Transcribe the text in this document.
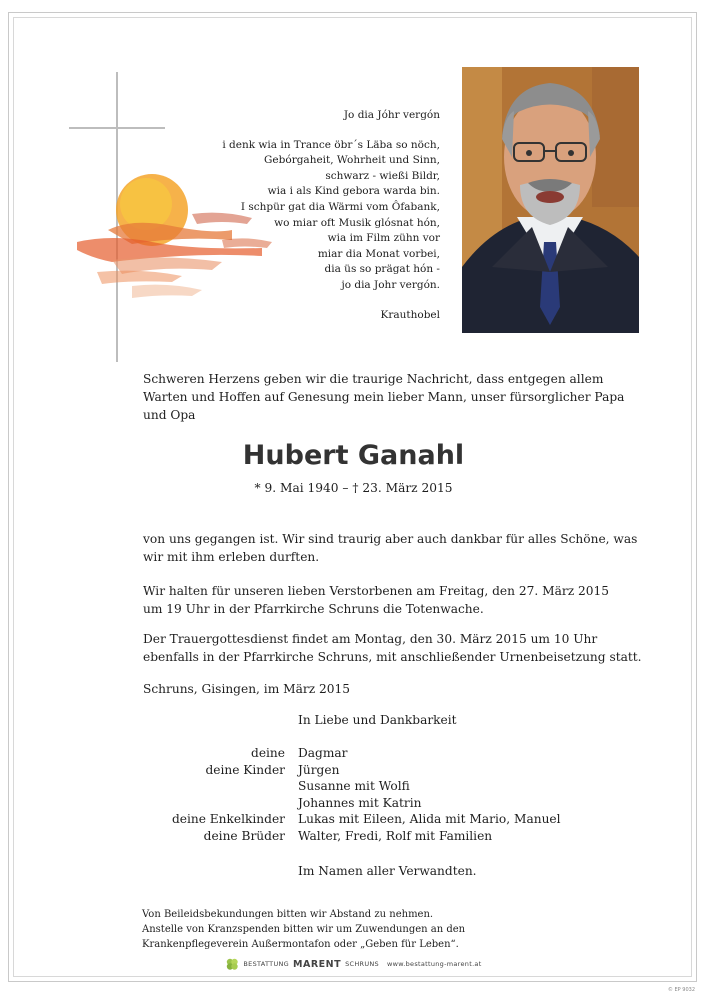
Jo dia Jóhr vergón
i denk wia in Trance öbr´s Läba so nöch,
Gebórgaheit, Wohrheit und Sinn,
schwarz - wießi Bildr,
wia i als Kind gebora warda bin.
I schpür gat dia Wärmi vom Ôfabank,
wo miar oft Musik glósnat hón,
wia im Film zühn vor
miar dia Monat vorbei,
dia üs so prägat hón -
jo dia Johr vergón.
Krauthobel
Schweren Herzens geben wir die traurige Nachricht, dass entgegen allem Warten und Hoffen auf Genesung mein lieber Mann, unser fürsorglicher Papa und Opa
Hubert Ganahl
* 9. Mai 1940 – † 23. März 2015
von uns gegangen ist. Wir sind traurig aber auch dankbar für alles Schöne, was wir mit ihm erleben durften.
Wir halten für unseren lieben Verstorbenen am Freitag, den 27. März 2015
um 19 Uhr in der Pfarrkirche Schruns die Totenwache.
Der Trauergottesdienst findet am Montag, den 30. März 2015 um 10 Uhr ebenfalls in der Pfarrkirche Schruns, mit anschließender Urnenbeisetzung statt.
Schruns, Gisingen, im März 2015
In Liebe und Dankbarkeit
deine	Dagmar
deine Kinder	Jürgen
Susanne mit Wolfi
Johannes mit Katrin
deine Enkelkinder	Lukas mit Eileen, Alida mit Mario, Manuel
deine Brüder	Walter, Fredi, Rolf mit Familien
Im Namen aller Verwandten.
Von Beileidsbekundungen bitten wir Abstand zu nehmen.
Anstelle von Kranzspenden bitten wir um Zuwendungen an den
Krankenpflegeverein Außermontafon oder „Geben für Leben“.
BESTATTUNG MARENT SCHRUNS www.bestattung-marent.at
© EP 9032
